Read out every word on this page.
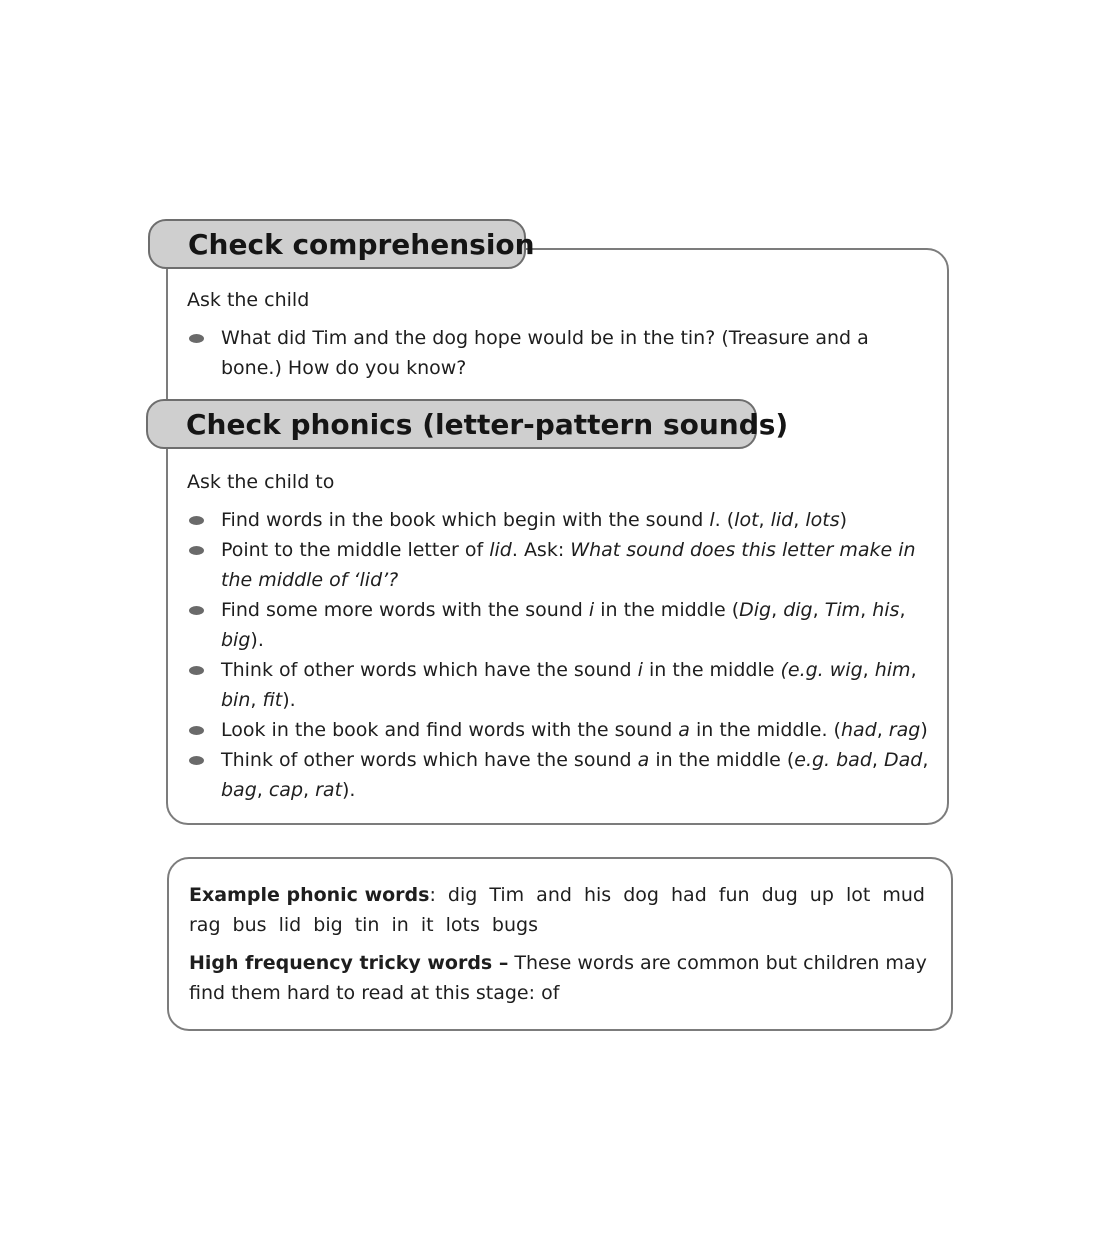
Check comprehension
Ask the child
What did Tim and the dog hope would be in the tin? (Treasure and a
bone.) How do you know?
Check phonics (letter-pattern sounds)
Ask the child to
Find words in the book which begin with the sound l. (lot, lid, lots)
Point to the middle letter of lid. Ask: What sound does this letter make in
the middle of ‘lid’?
Find some more words with the sound i in the middle (Dig, dig, Tim, his,
big).
Think of other words which have the sound i in the middle (e.g. wig, him,
bin, fit).
Look in the book and find words with the sound a in the middle. (had, rag)
Think of other words which have the sound a in the middle (e.g. bad, Dad,
bag, cap, rat).
Example phonic words: dig Tim and his dog had fun dug up lot mud
rag bus lid big tin in it lots bugs
High frequency tricky words – These words are common but children may
find them hard to read at this stage: of
